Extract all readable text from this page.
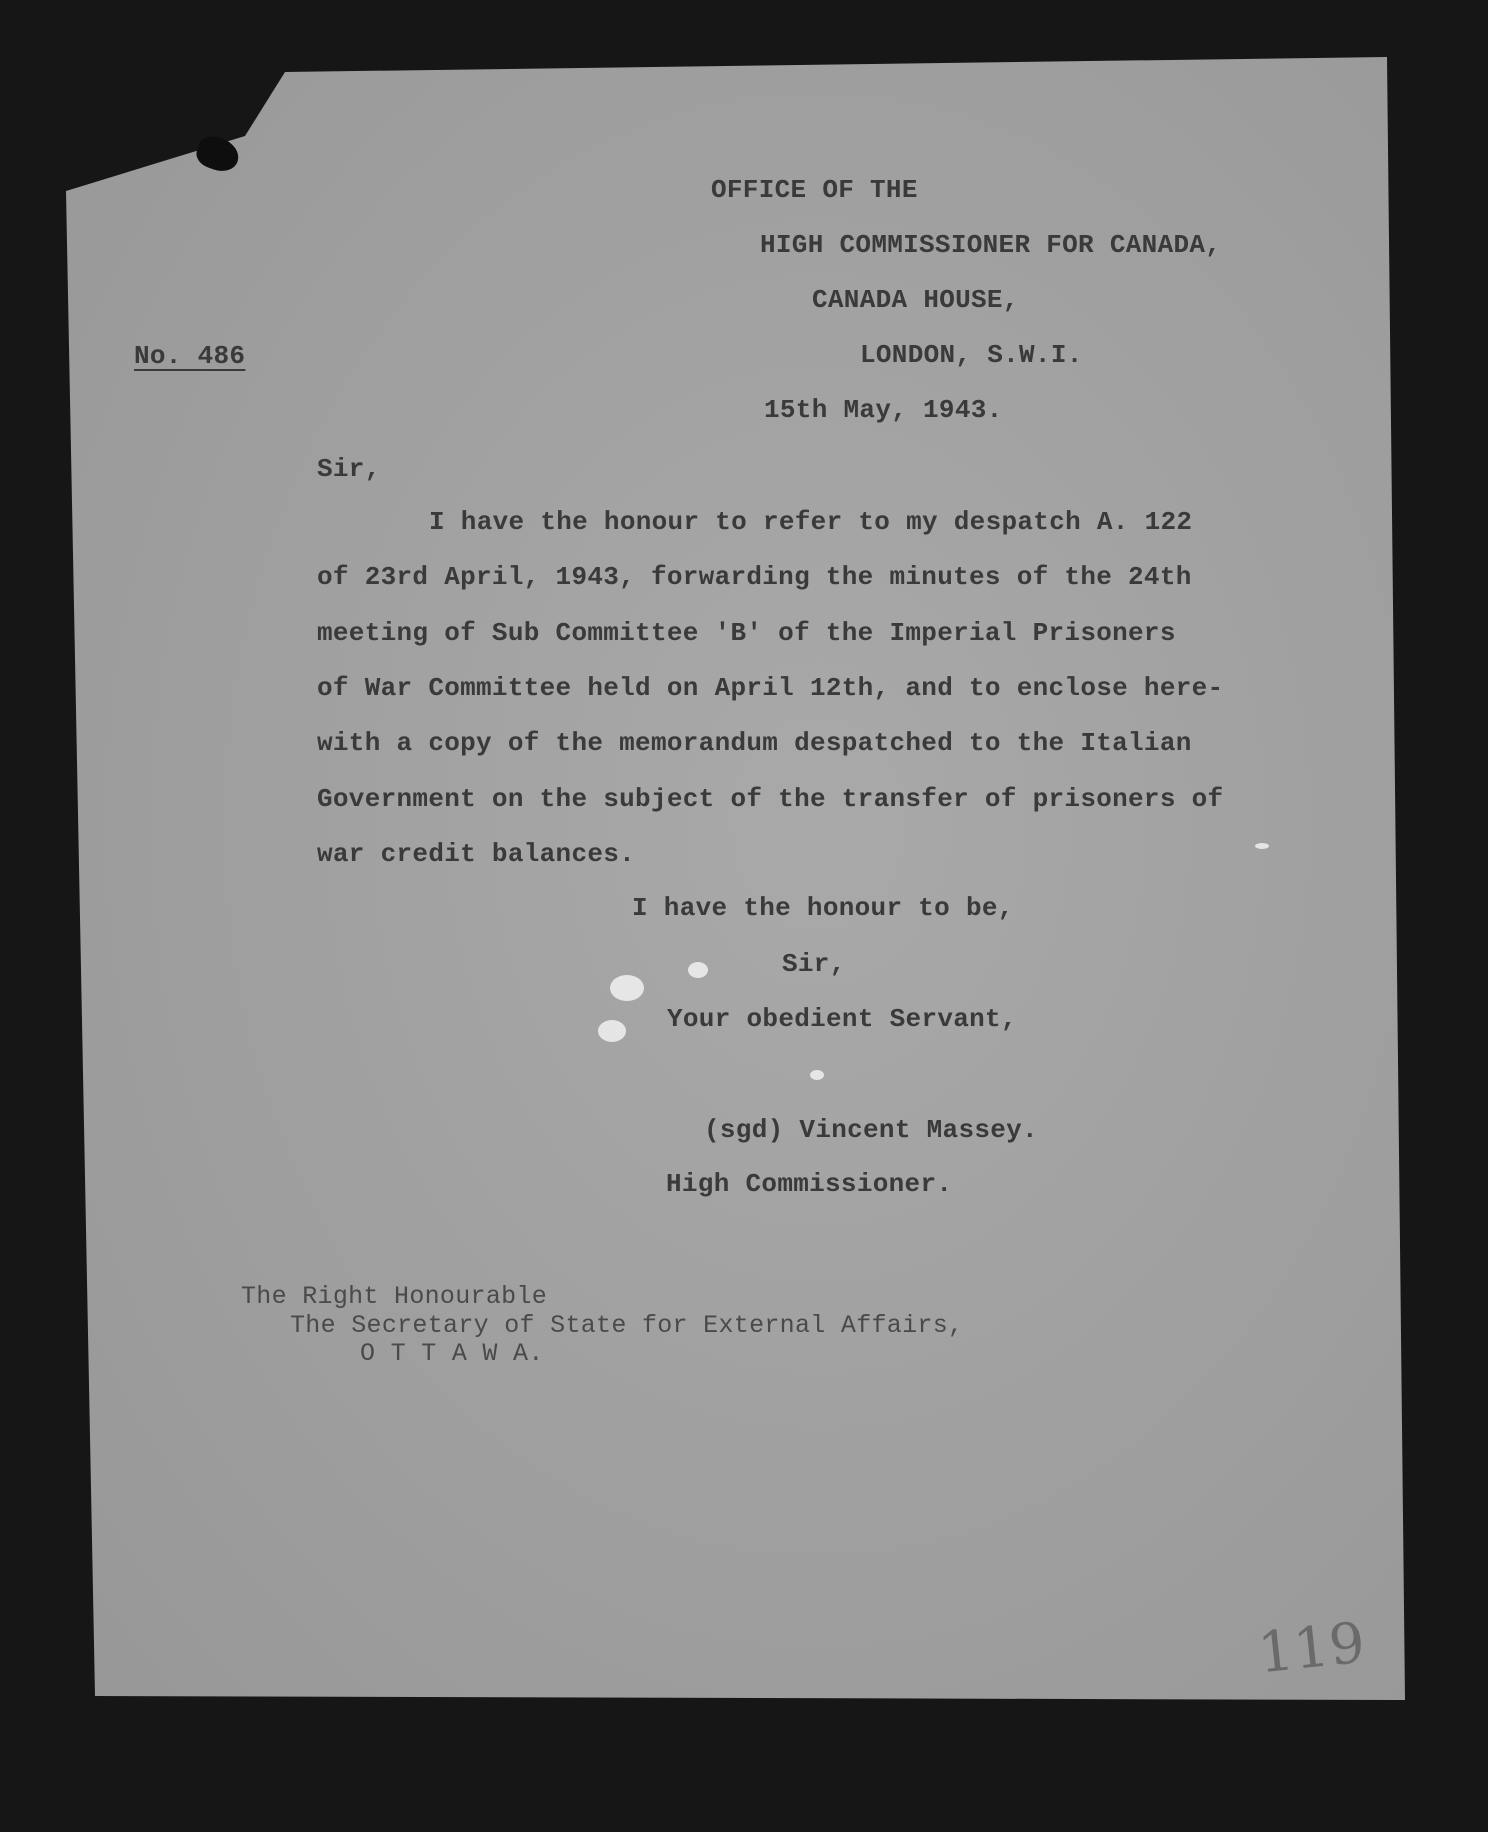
OFFICE OF THE

HIGH COMMISSIONER FOR CANADA,

CANADA HOUSE,

LONDON, S.W.I.

No. 486

15th May, 1943.

Sir,

I have the honour to refer to my despatch A. 122

of 23rd April, 1943, forwarding the minutes of the 24th

meeting of Sub Committee 'B' of the Imperial Prisoners

of War Committee held on April 12th, and to enclose here-

with a copy of the memorandum despatched to the Italian

Government on the subject of the transfer of prisoners of

war credit balances.

I have the honour to be,

Sir,

Your obedient Servant,

(sgd) Vincent Massey.

High Commissioner.

The Right Honourable

The Secretary of State for External Affairs,

O T T A W A.

119
